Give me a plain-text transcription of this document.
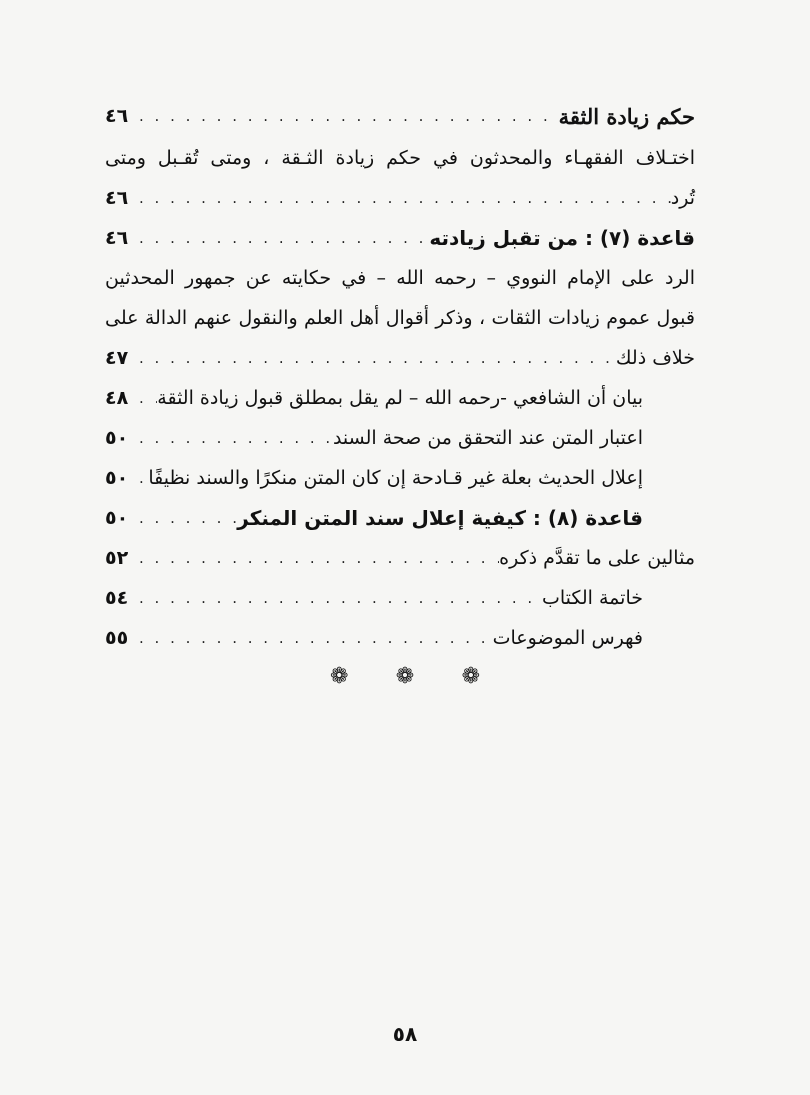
حكم زيادة الثقة
. . .
٤٦
اختـلاف الفقهـاء والمحدثون في حكم زيادة الثـقة ، ومتى تُقـبل ومتى
تُرد
. . .
٤٦
قاعدة (٧) : من تقبل زيادته
. . .
٤٦
الرد على الإمام النووي – رحمه الله – في حكايته عن جمهور المحدثين
قبول عموم زيادات الثقات ، وذكر أقوال أهل العلم والنقول عنهم الدالة على
خلاف ذلك
. . .
٤٧
بيان أن الشافعي -رحمه الله – لم يقل بمطلق قبول زيادة الثقة
. . .
٤٨
اعتبار المتن عند التحقق من صحة السند
. . .
٥٠
إعلال الحديث بعلة غير قـادحة إن كان المتن منكرًا والسند نظيفًا
. . .
٥٠
قاعدة (٨) : كيفية إعلال سند المتن المنكر
. . .
٥٠
مثالين على ما تقدَّم ذكره
. . .
٥٢
خاتمة الكتاب
. . .
٥٤
فهرس الموضوعات
. . .
٥٥
❁ ❁ ❁
٥٨
